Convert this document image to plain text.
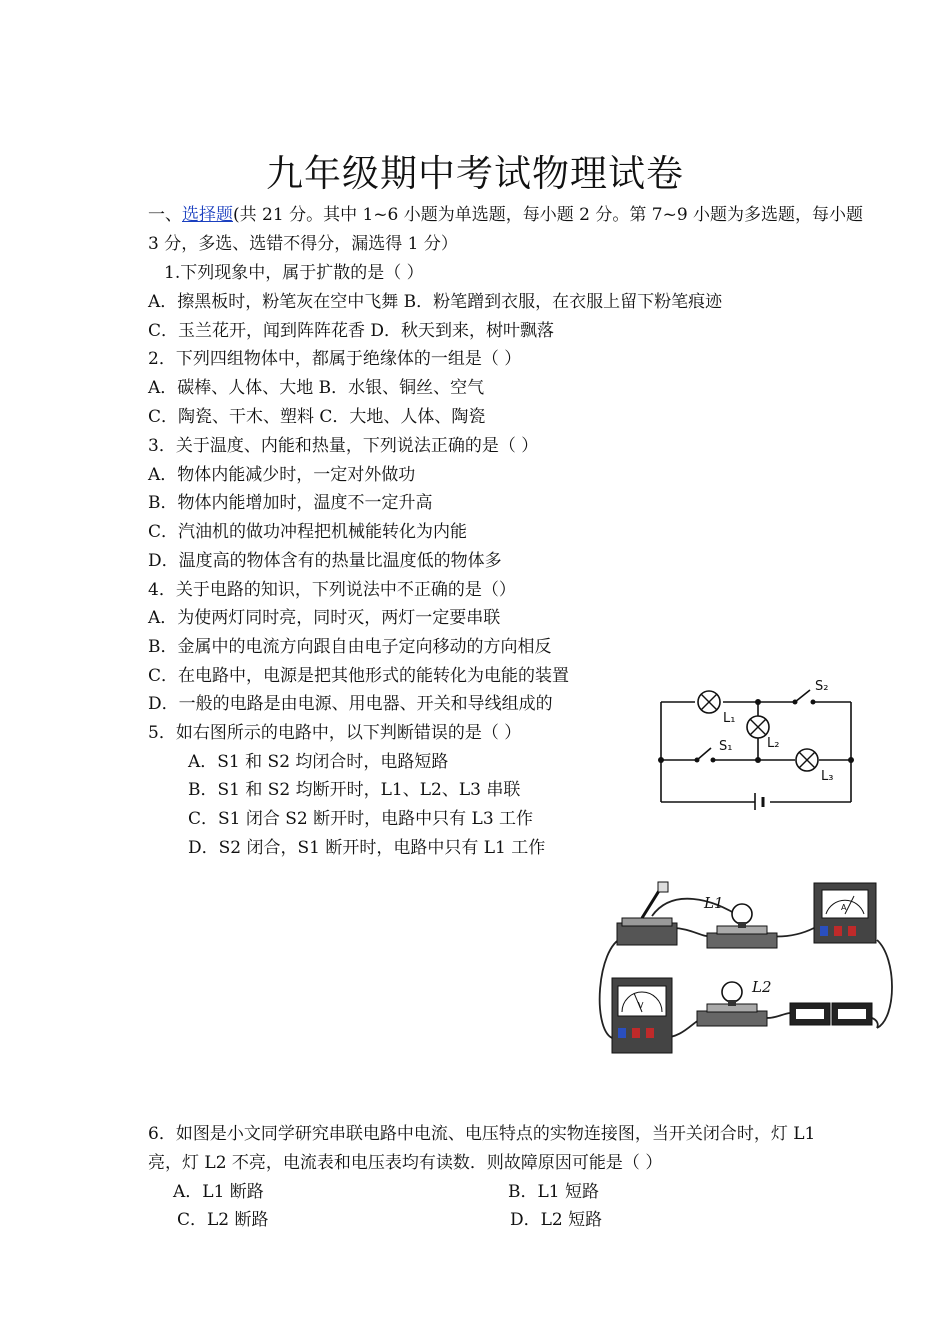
九年级期中考试物理试卷
一、选择题(共 21 分。其中 1~6 小题为单选题，每小题 2 分。第 7~9 小题为多选题，每小题
3 分，多选、选错不得分，漏选得 1 分）
1.下列现象中，属于扩散的是（ ）
A．擦黑板时，粉笔灰在空中飞舞 B．粉笔蹭到衣服，在衣服上留下粉笔痕迹
C．玉兰花开，闻到阵阵花香 D．秋天到来，树叶飘落
2．下列四组物体中，都属于绝缘体的一组是（ ）
A．碳棒、人体、大地 B．水银、铜丝、空气
C．陶瓷、干木、塑料 C．大地、人体、陶瓷
3．关于温度、内能和热量，下列说法正确的是（ ）
A．物体内能减少时，一定对外做功
B．物体内能增加时，温度不一定升高
C．汽油机的做功冲程把机械能转化为内能
D．温度高的物体含有的热量比温度低的物体多
4．关于电路的知识，下列说法中不正确的是（）
A．为使两灯同时亮，同时灭，两灯一定要串联
B．金属中的电流方向跟自由电子定向移动的方向相反
C．在电路中，电源是把其他形式的能转化为电能的装置
D．一般的电路是由电源、用电器、开关和导线组成的
5．如右图所示的电路中，以下判断错误的是（ ）
A．S1 和 S2 均闭合时，电路短路
B．S1 和 S2 均断开时，L1、L2、L3 串联
C．S1 闭合 S2 断开时，电路中只有 L3 工作
D．S2 闭合，S1 断开时，电路中只有 L1 工作
S₂
L₁
S₁	L₂
L₃
A
V
L1
L2
6．如图是小文同学研究串联电路中电流、电压特点的实物连接图，当开关闭合时，灯 L1
亮，灯 L2 不亮，电流表和电压表均有读数．则故障原因可能是（ ）
A．L1 断路	B．L1 短路
C．L2 断路	D．L2 短路
